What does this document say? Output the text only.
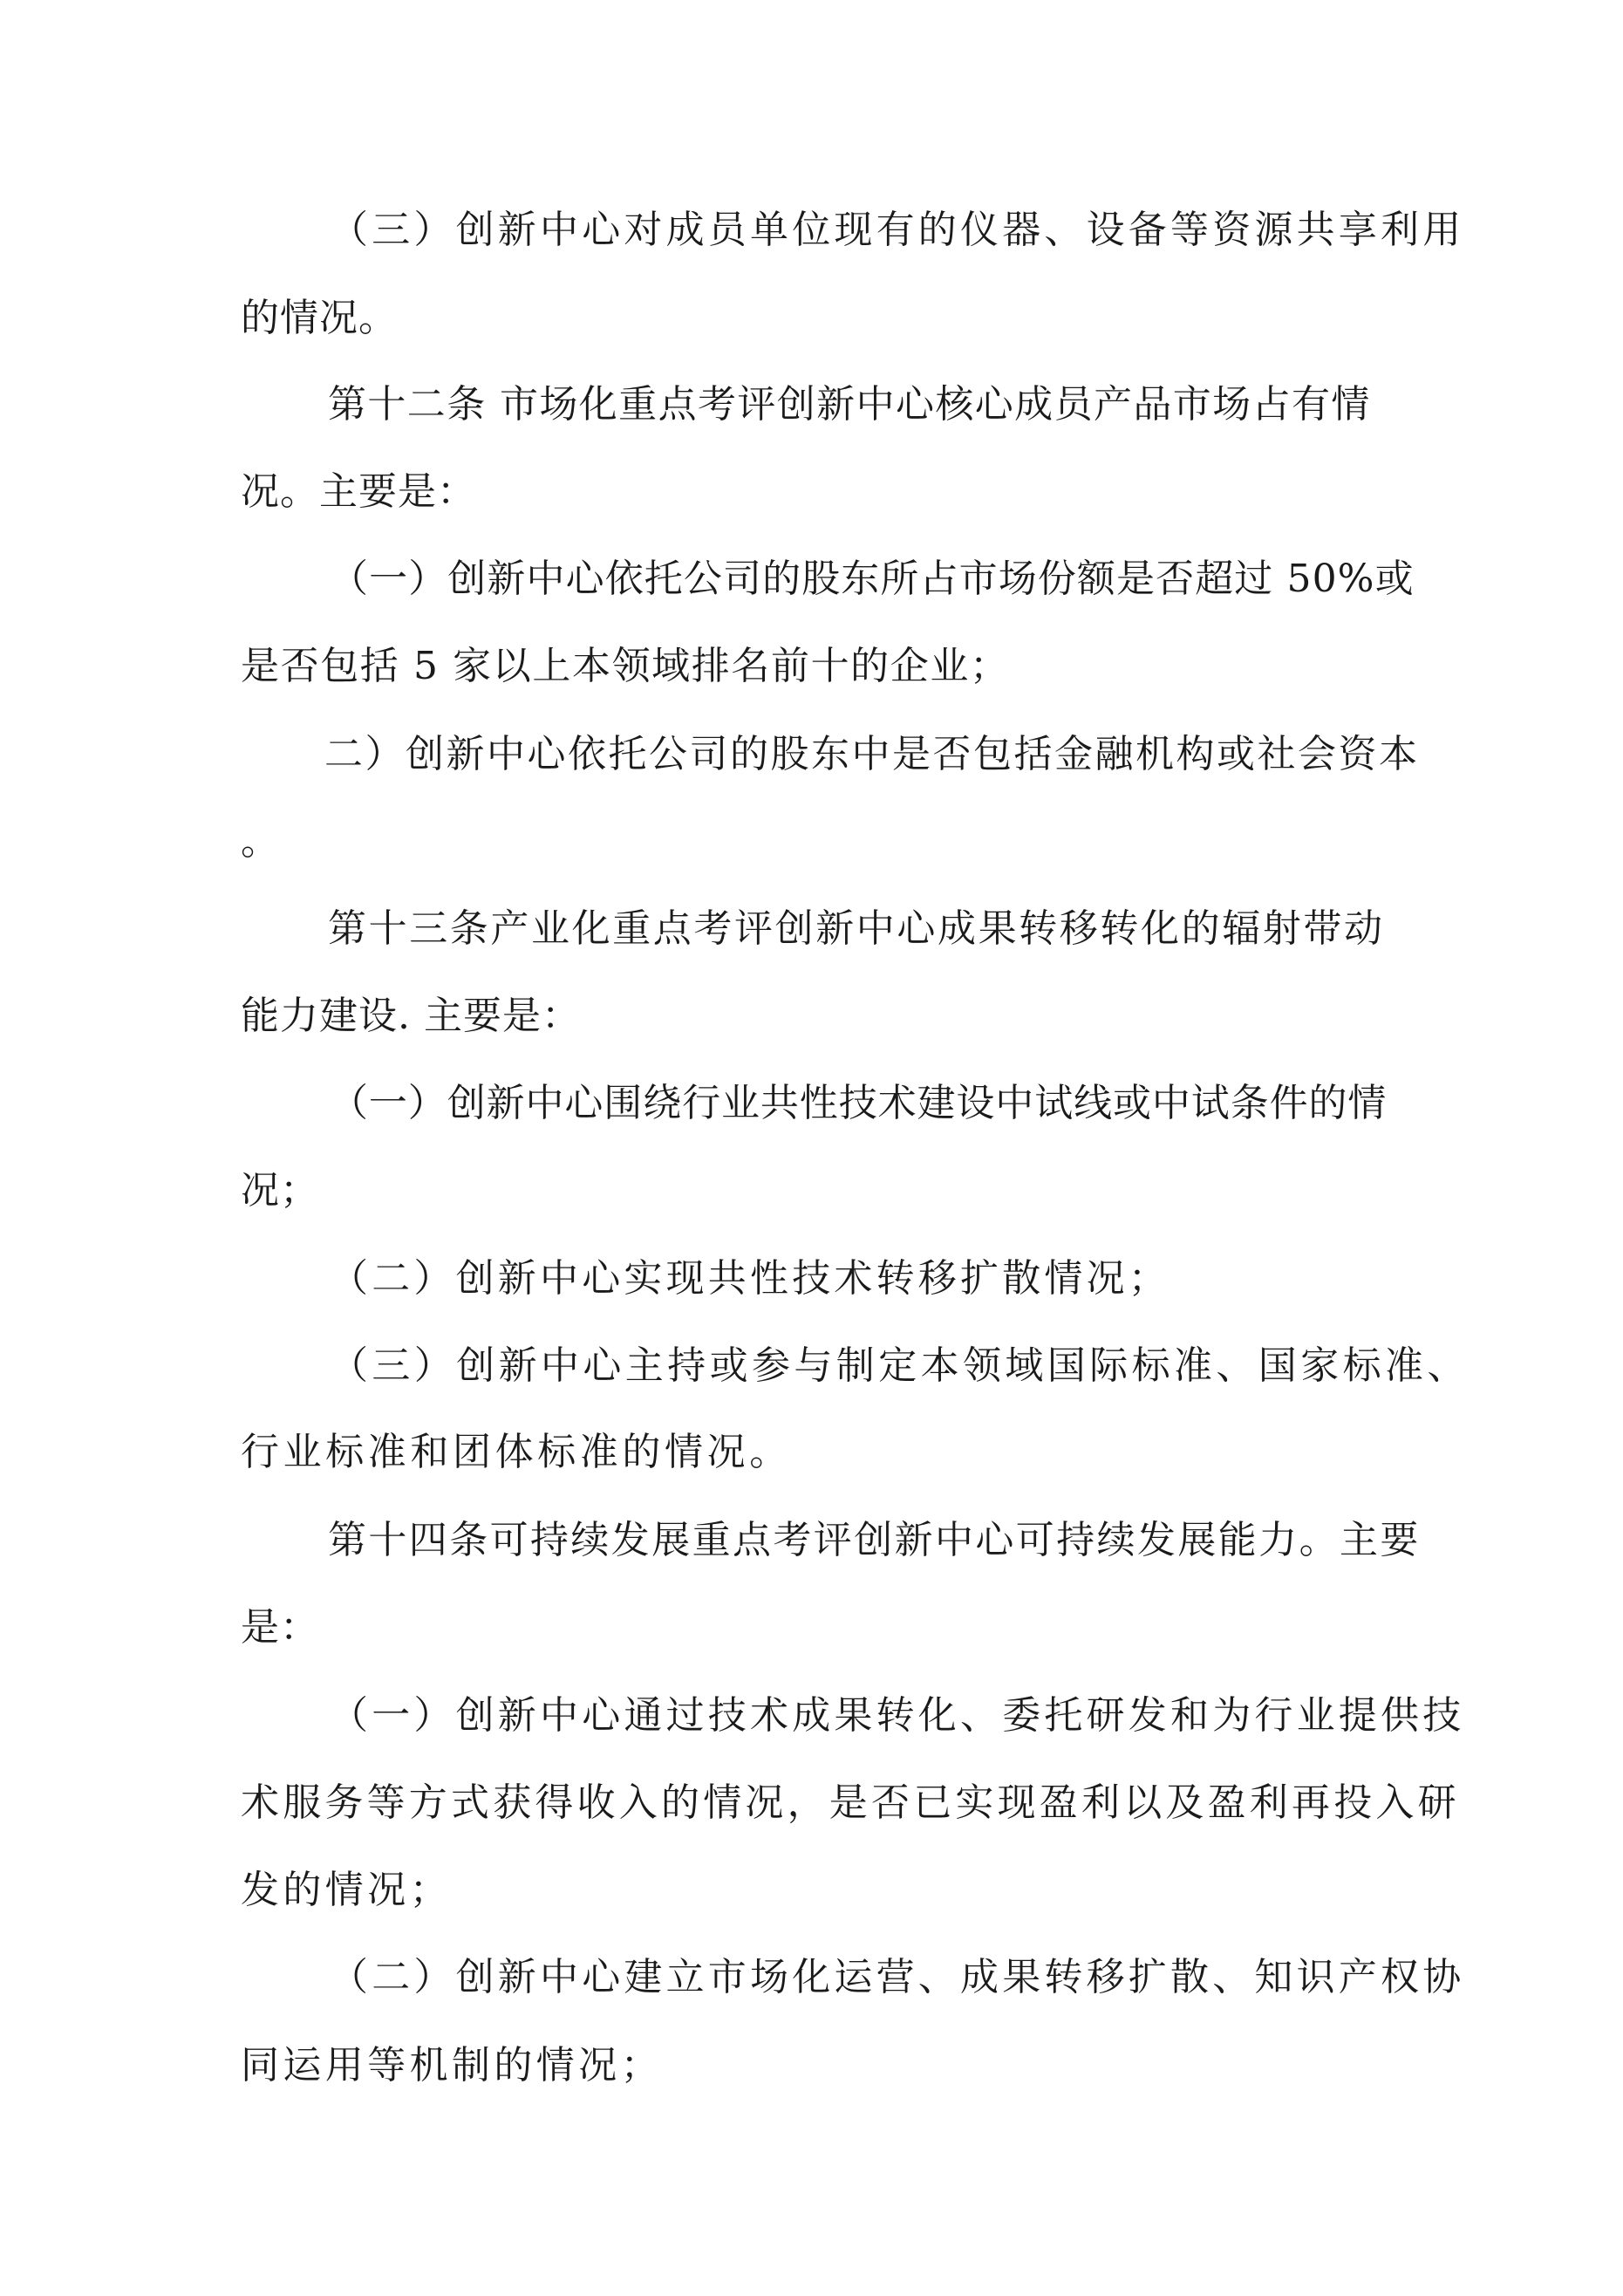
（三）创新中心对成员单位现有的仪器、设备等资源共享利用
的情况。
第十二条 市场化重点考评创新中心核心成员产品市场占有情
况。主要是：
（一）创新中心依托公司的股东所占市场份额是否超过 50%或
是否包括 5 家以上本领域排名前十的企业；
二）创新中心依托公司的股东中是否包括金融机构或社会资本
。
第十三条产业化重点考评创新中心成果转移转化的辐射带动
能力建设. 主要是：
（一）创新中心围绕行业共性技术建设中试线或中试条件的情
况；
（二）创新中心实现共性技术转移扩散情况；
（三）创新中心主持或参与制定本领域国际标准、国家标准、
行业标准和团体标准的情况。
第十四条可持续发展重点考评创新中心可持续发展能力。主要
是：
（一）创新中心通过技术成果转化、委托研发和为行业提供技
术服务等方式获得收入的情况，是否已实现盈利以及盈利再投入研
发的情况；
（二）创新中心建立市场化运营、成果转移扩散、知识产权协
同运用等机制的情况；
